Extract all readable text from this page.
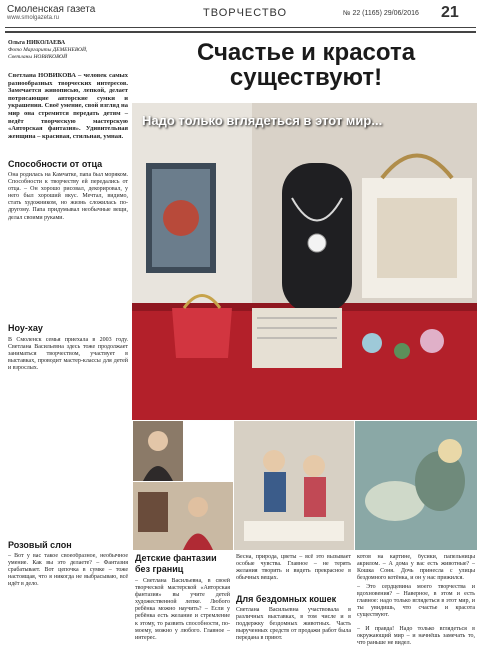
Смоленская газета
www.smolgazeta.ru	ТВОРЧЕСТВО	№ 22 (1165) 29/06/2016 21
Ольга НИКОЛАЕВА
Фото Маргариты ДЕМЕНЕВОЙ,
Светланы НОВИКОВОЙ
Светлана НОВИКОВА – человек самых разнообразных творческих интересов. Замечается живописью, лепкой, делает потрясающие авторские сумки и украшения. Своё умение, свой взгляд на мир она стремится передать детям – ведёт творческую мастерскую «Авторская фантазия». Удивительная женщина – красивая, стильная, умная.
Счастье и красота
существуют!
Способности от отца
Она родилась на Камчатке, папа был моряком. Способности к творчеству ей передались от отца. – Он хорошо рисовал, декорировал, у него был хороший вкус. Мечтал, видимо, стать художником, но жизнь сложилась по-другому. Папа придумывал необычные вещи, делал своими руками.
Ноу-хау
В Смоленск семья приехала в 2003 году. Светлана Васильевна здесь тоже продолжает заниматься творчеством, участвует в выставках, проводит мастер-классы для детей и взрослых.
Розовый слон
– Вот у вас такое своеобразное, необычное умение. Как вы это делаете? – Фантазия срабатывает. Вот цепочка в сумке – тоже настоящая, что я никогда не выбрасываю, всё идёт в дело.
Надо только вглядеться в этот мир...
Детские фантазии без границ
– Светлана Васильевна, в своей творческой мастерской «Авторская фантазия» вы учите детей художественной лепке. Любого ребёнка можно научить? – Если у ребёнка есть желание и стремление к этому, то развить способности, по-моему, можно у любого. Главное – интерес.
Весна, природа, цветы – всё это вызывает особые чувства. Главное – не терять желания творить и видеть прекрасное в обычных вещах.
Для бездомных кошек
Светлана Васильевна участвовала в различных выставках, в том числе и в поддержку бездомных животных. Часть вырученных средств от продажи работ была передана в приют.
котов на картине, бусики, папельницы акрилом. – А дома у вас есть животные? – Кошка Соня. Дочь принесла с улицы бездомного котёнка, и он у нас прижился.
– Это сердцевина моего творчества и вдохновения? – Наверное, в этом и есть главное: надо только вглядеться в этот мир, и ты увидишь, что счастье и красота существуют.
– И правда! Надо только вглядеться в окружающий мир – и начнёшь замечать то, что раньше не видел.
